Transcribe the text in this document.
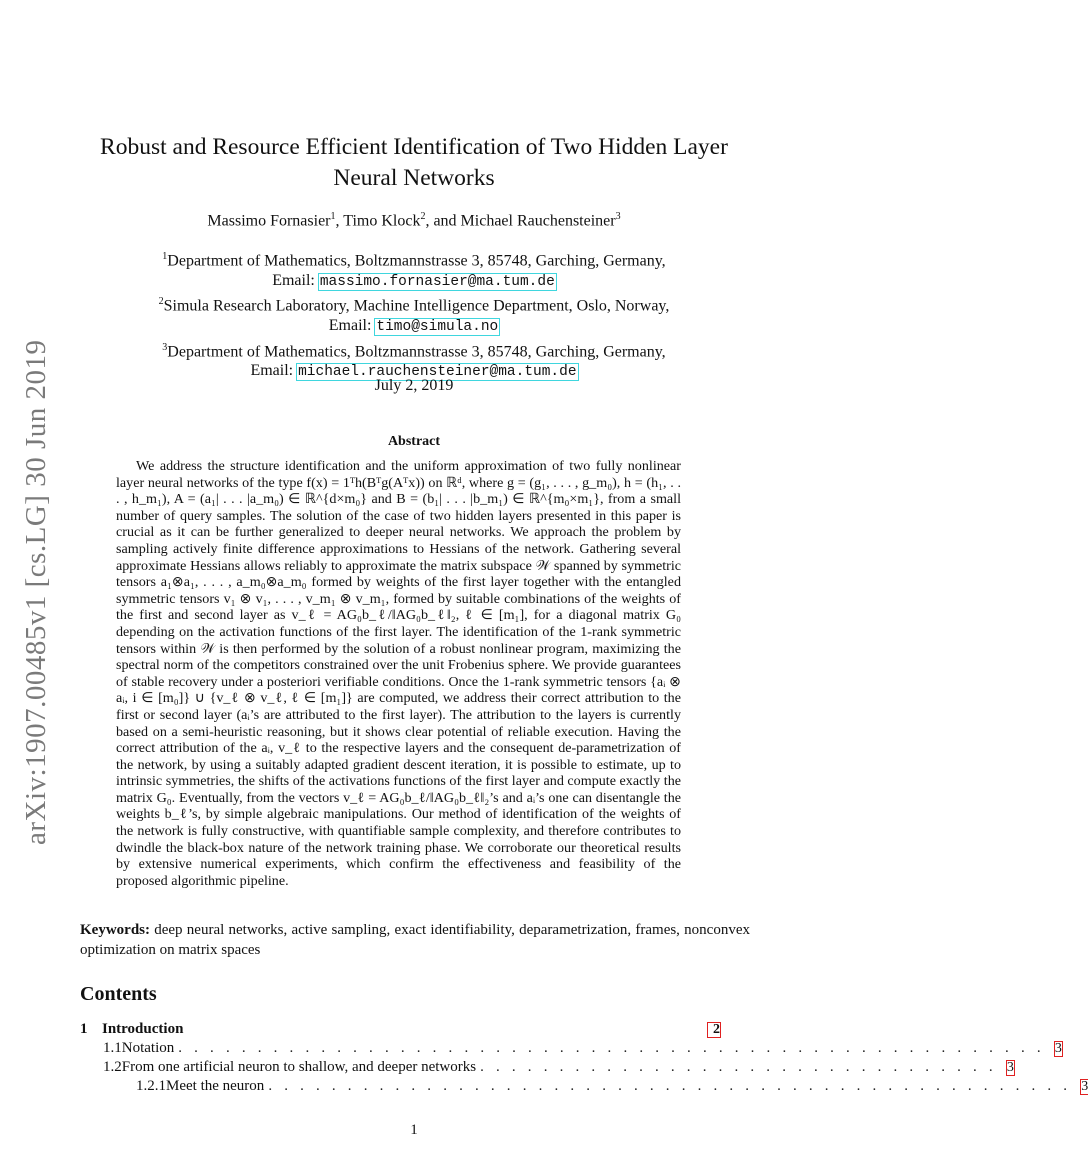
arXiv:1907.00485v1 [cs.LG] 30 Jun 2019
Robust and Resource Efficient Identification of Two Hidden Layer
Neural Networks
Massimo Fornasier$^1$, Timo Klock$^2$, and Michael Rauchensteiner$^3$
$^1$Department of Mathematics, Boltzmannstrasse 3, 85748, Garching, Germany,
Email: massimo.fornasier@ma.tum.de
$^2$Simula Research Laboratory, Machine Intelligence Department, Oslo, Norway,
Email: timo@simula.no
$^3$Department of Mathematics, Boltzmannstrasse 3, 85748, Garching, Germany,
Email: michael.rauchensteiner@ma.tum.de
July 2, 2019
Abstract

We address the structure identification and the uniform approximation of two fully nonlinear layer neural networks of the type f(x) = 1ᵀh(Bᵀg(Aᵀx)) on ℝᵈ, where g = (g₁, . . . , g_m₀), h = (h₁, . . . , h_m₁), A = (a₁| . . . |a_m₀) ∈ ℝ^{d×m₀} and B = (b₁| . . . |b_m₁) ∈ ℝ^{m₀×m₁}, from a small number of query samples. The solution of the case of two hidden layers presented in this paper is crucial as it can be further generalized to deeper neural networks. We approach the problem by sampling actively finite difference approximations to Hessians of the network. Gathering several approximate Hessians allows reliably to approximate the matrix subspace 𝒲 spanned by symmetric tensors a₁⊗a₁, . . . , a_m₀⊗a_m₀ formed by weights of the first layer together with the entangled symmetric tensors v₁ ⊗ v₁, . . . , v_m₁ ⊗ v_m₁, formed by suitable combinations of the weights of the first and second layer as v_ℓ = AG₀b_ℓ/‖AG₀b_ℓ‖₂, ℓ ∈ [m₁], for a diagonal matrix G₀ depending on the activation functions of the first layer. The identification of the 1-rank symmetric tensors within 𝒲 is then performed by the solution of a robust nonlinear program, maximizing the spectral norm of the competitors constrained over the unit Frobenius sphere. We provide guarantees of stable recovery under a posteriori verifiable conditions. Once the 1-rank symmetric tensors {aᵢ ⊗ aᵢ, i ∈ [m₀]} ∪ {v_ℓ ⊗ v_ℓ, ℓ ∈ [m₁]} are computed, we address their correct attribution to the first or second layer (aᵢ’s are attributed to the first layer). The attribution to the layers is currently based on a semi-heuristic reasoning, but it shows clear potential of reliable execution. Having the correct attribution of the aᵢ, v_ℓ to the respective layers and the consequent de-parametrization of the network, by using a suitably adapted gradient descent iteration, it is possible to estimate, up to intrinsic symmetries, the shifts of the activations functions of the first layer and compute exactly the matrix G₀. Eventually, from the vectors v_ℓ = AG₀b_ℓ/‖AG₀b_ℓ‖₂’s and aᵢ’s one can disentangle the weights b_ℓ’s, by simple algebraic manipulations. Our method of identification of the weights of the network is fully constructive, with quantifiable sample complexity, and therefore contributes to dwindle the black-box nature of the network training phase. We corroborate our theoretical results by extensive numerical experiments, which confirm the effectiveness and feasibility of the proposed algorithmic pipeline.

Keywords: deep neural networks, active sampling, exact identifiability, deparametrization, frames, nonconvex optimization on matrix spaces

Contents
1 Introduction	2
1.1 Notation . . . . . . . . . . . . . . . . . . . . . . . . . . . . . . . . . . . . . . . . . . . . . . . . . . . . . . . 3
1.2 From one artificial neuron to shallow, and deeper networks . . . . . . . . . . . . . . . . . . . . . . . . . . . . . . . . . 3
1.2.1 Meet the neuron . . . . . . . . . . . . . . . . . . . . . . . . . . . . . . . . . . . . . . . . . . . . . . . . . . . 3
1
